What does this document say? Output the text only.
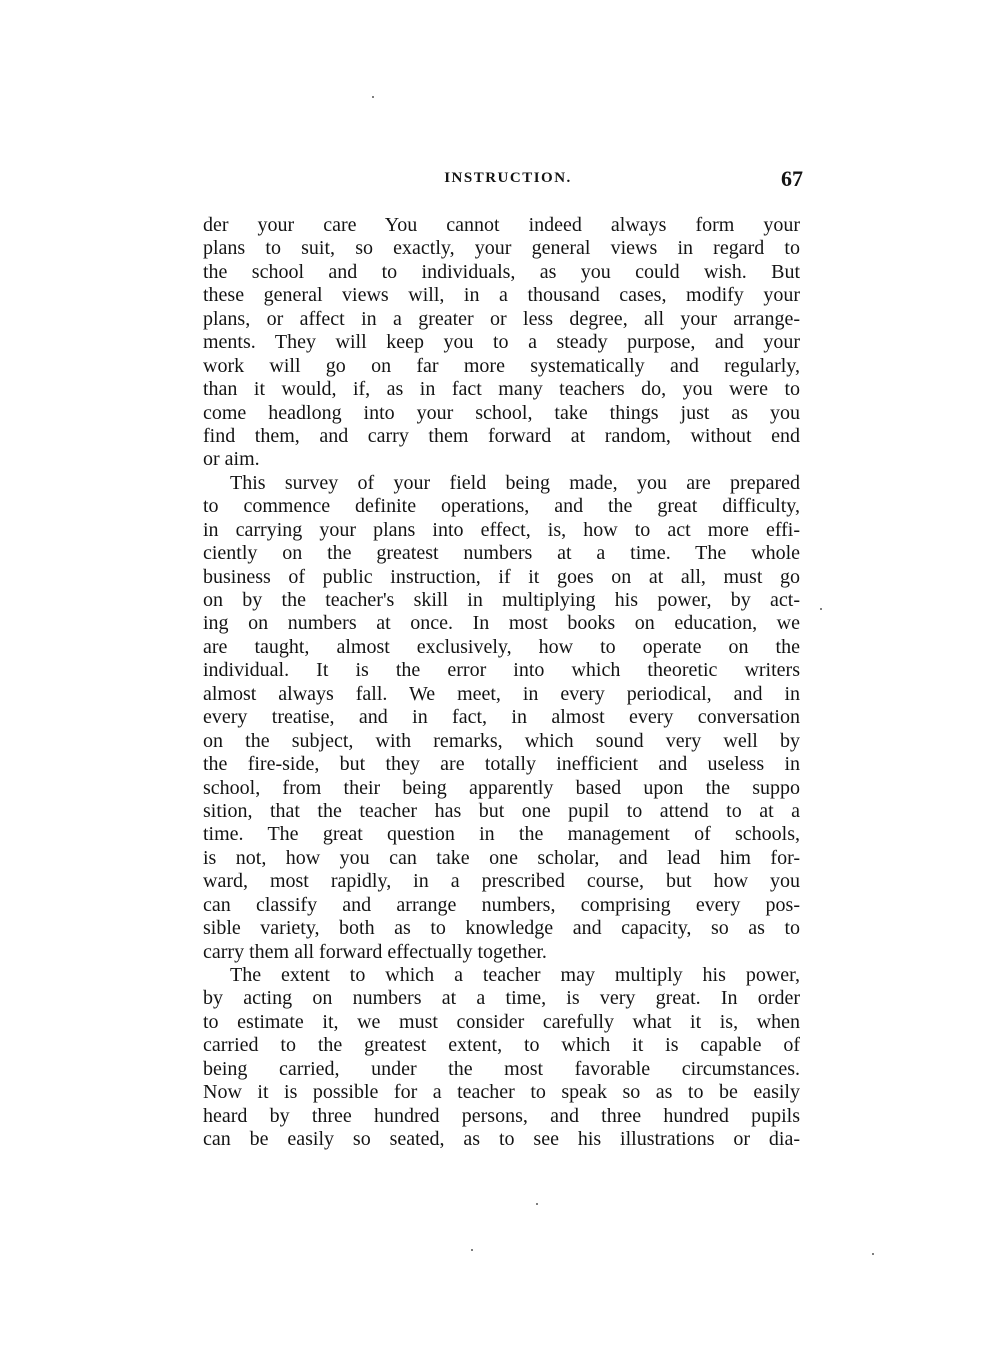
INSTRUCTION.	67
der your care You cannot indeed always form your
plans to suit, so exactly, your general views in regard to
the school and to individuals, as you could wish. But
these general views will, in a thousand cases, modify your
plans, or affect in a greater or less degree, all your arrange-
ments. They will keep you to a steady purpose, and your
work will go on far more systematically and regularly,
than it would, if, as in fact many teachers do, you were to
come headlong into your school, take things just as you
find them, and carry them forward at random, without end
or aim.
This survey of your field being made, you are prepared
to commence definite operations, and the great difficulty,
in carrying your plans into effect, is, how to act more effi-
ciently on the greatest numbers at a time. The whole
business of public instruction, if it goes on at all, must go
on by the teacher's skill in multiplying his power, by act-
ing on numbers at once. In most books on education, we
are taught, almost exclusively, how to operate on the
individual. It is the error into which theoretic writers
almost always fall. We meet, in every periodical, and in
every treatise, and in fact, in almost every conversation
on the subject, with remarks, which sound very well by
the fire-side, but they are totally inefficient and useless in
school, from their being apparently based upon the suppo
sition, that the teacher has but one pupil to attend to at a
time. The great question in the management of schools,
is not, how you can take one scholar, and lead him for-
ward, most rapidly, in a prescribed course, but how you
can classify and arrange numbers, comprising every pos-
sible variety, both as to knowledge and capacity, so as to
carry them all forward effectually together.
The extent to which a teacher may multiply his power,
by acting on numbers at a time, is very great. In order
to estimate it, we must consider carefully what it is, when
carried to the greatest extent, to which it is capable of
being carried, under the most favorable circumstances.
Now it is possible for a teacher to speak so as to be easily
heard by three hundred persons, and three hundred pupils
can be easily so seated, as to see his illustrations or dia-
